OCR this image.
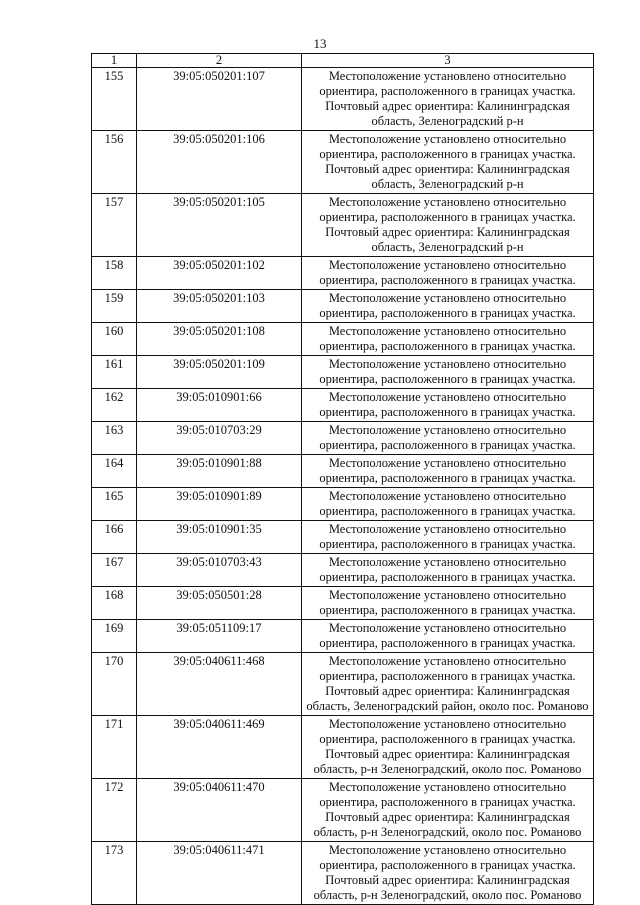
13
1	2	3
155	39:05:050201:107	Местоположение установлено относительно
ориентира, расположенного в границах участка.
Почтовый адрес ориентира: Калининградская
область, Зеленоградский р-н

156	39:05:050201:106	Местоположение установлено относительно
ориентира, расположенного в границах участка.
Почтовый адрес ориентира: Калининградская
область, Зеленоградский р-н

157	39:05:050201:105	Местоположение установлено относительно
ориентира, расположенного в границах участка.
Почтовый адрес ориентира: Калининградская
область, Зеленоградский р-н

158	39:05:050201:102	Местоположение установлено относительно
ориентира, расположенного в границах участка.

159	39:05:050201:103	Местоположение установлено относительно
ориентира, расположенного в границах участка.

160	39:05:050201:108	Местоположение установлено относительно
ориентира, расположенного в границах участка.

161	39:05:050201:109	Местоположение установлено относительно
ориентира, расположенного в границах участка.

162	39:05:010901:66	Местоположение установлено относительно
ориентира, расположенного в границах участка.

163	39:05:010703:29	Местоположение установлено относительно
ориентира, расположенного в границах участка.

164	39:05:010901:88	Местоположение установлено относительно
ориентира, расположенного в границах участка.

165	39:05:010901:89	Местоположение установлено относительно
ориентира, расположенного в границах участка.

166	39:05:010901:35	Местоположение установлено относительно
ориентира, расположенного в границах участка.

167	39:05:010703:43	Местоположение установлено относительно
ориентира, расположенного в границах участка.

168	39:05:050501:28	Местоположение установлено относительно
ориентира, расположенного в границах участка.

169	39:05:051109:17	Местоположение установлено относительно
ориентира, расположенного в границах участка.

170	39:05:040611:468	Местоположение установлено относительно
ориентира, расположенного в границах участка.
Почтовый адрес ориентира: Калининградская
область, Зеленоградский район, около пос. Романово

171	39:05:040611:469	Местоположение установлено относительно
ориентира, расположенного в границах участка.
Почтовый адрес ориентира: Калининградская
область, р-н Зеленоградский, около пос. Романово

172	39:05:040611:470	Местоположение установлено относительно
ориентира, расположенного в границах участка.
Почтовый адрес ориентира: Калининградская
область, р-н Зеленоградский, около пос. Романово

173	39:05:040611:471	Местоположение установлено относительно
ориентира, расположенного в границах участка.
Почтовый адрес ориентира: Калининградская
область, р-н Зеленоградский, около пос. Романово
